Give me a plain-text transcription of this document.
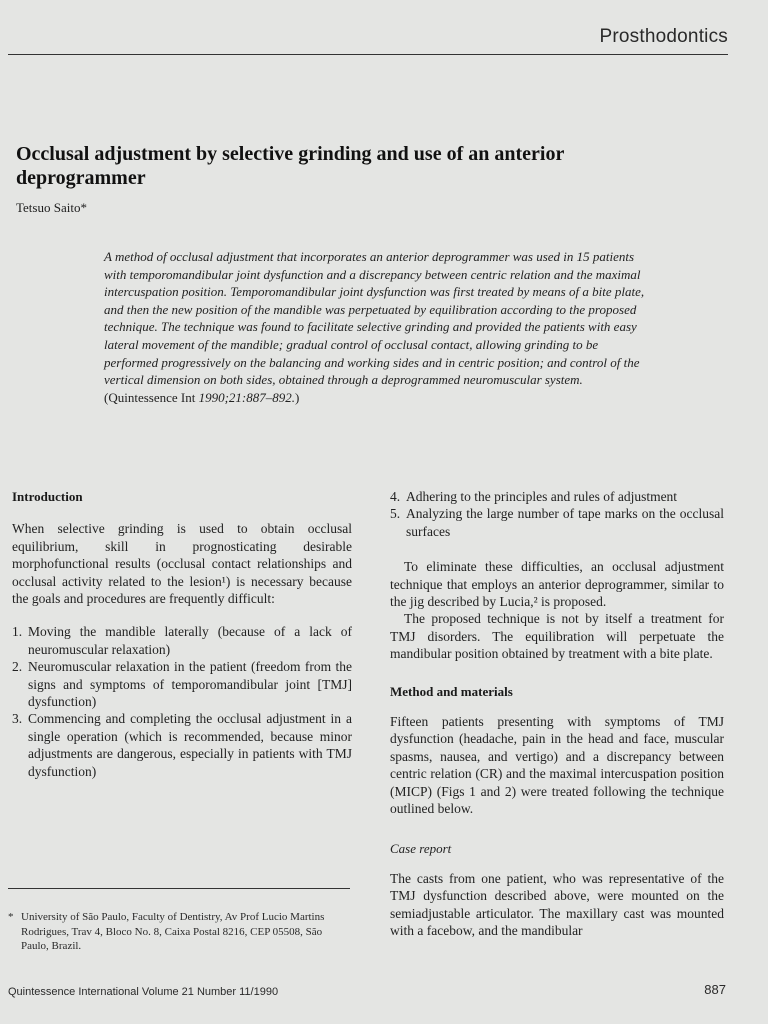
Prosthodontics
Occlusal adjustment by selective grinding and use of an anterior deprogrammer
Tetsuo Saito*
A method of occlusal adjustment that incorporates an anterior deprogrammer was used in 15 patients with temporomandibular joint dysfunction and a discrepancy between centric relation and the maximal intercuspation position. Temporomandibular joint dysfunction was first treated by means of a bite plate, and then the new position of the mandible was perpetuated by equilibration according to the proposed technique. The technique was found to facilitate selective grinding and provided the patients with easy lateral movement of the mandible; gradual control of occlusal contact, allowing grinding to be performed progressively on the balancing and working sides and in centric position; and control of the vertical dimension on both sides, obtained through a deprogrammed neuromuscular system. (Quintessence Int 1990;21:887–892.)
Introduction

When selective grinding is used to obtain occlusal equilibrium, skill in prognosticating desirable morphofunctional results (occlusal contact relationships and occlusal activity related to the lesion¹) is necessary because the goals and procedures are frequently difficult:

1. Moving the mandible laterally (because of a lack of neuromuscular relaxation)
2. Neuromuscular relaxation in the patient (freedom from the signs and symptoms of temporomandibular joint [TMJ] dysfunction)
3. Commencing and completing the occlusal adjustment in a single operation (which is recommended, because minor adjustments are dangerous, especially in patients with TMJ dysfunction)
4. Adhering to the principles and rules of adjustment
5. Analyzing the large number of tape marks on the occlusal surfaces

To eliminate these difficulties, an occlusal adjustment technique that employs an anterior deprogrammer, similar to the jig described by Lucia,² is proposed.

The proposed technique is not by itself a treatment for TMJ disorders. The equilibration will perpetuate the mandibular position obtained by treatment with a bite plate.

Method and materials

Fifteen patients presenting with symptoms of TMJ dysfunction (headache, pain in the head and face, muscular spasms, nausea, and vertigo) and a discrepancy between centric relation (CR) and the maximal intercuspation position (MICP) (Figs 1 and 2) were treated following the technique outlined below.

Case report

The casts from one patient, who was representative of the TMJ dysfunction described above, were mounted on the semiadjustable articulator. The maxillary cast was mounted with a facebow, and the mandibular

* University of São Paulo, Faculty of Dentistry, Av Prof Lucio Martins Rodrigues, Trav 4, Bloco No. 8, Caixa Postal 8216, CEP 05508, São Paulo, Brazil.
Quintessence International Volume 21 Number 11/1990	887
